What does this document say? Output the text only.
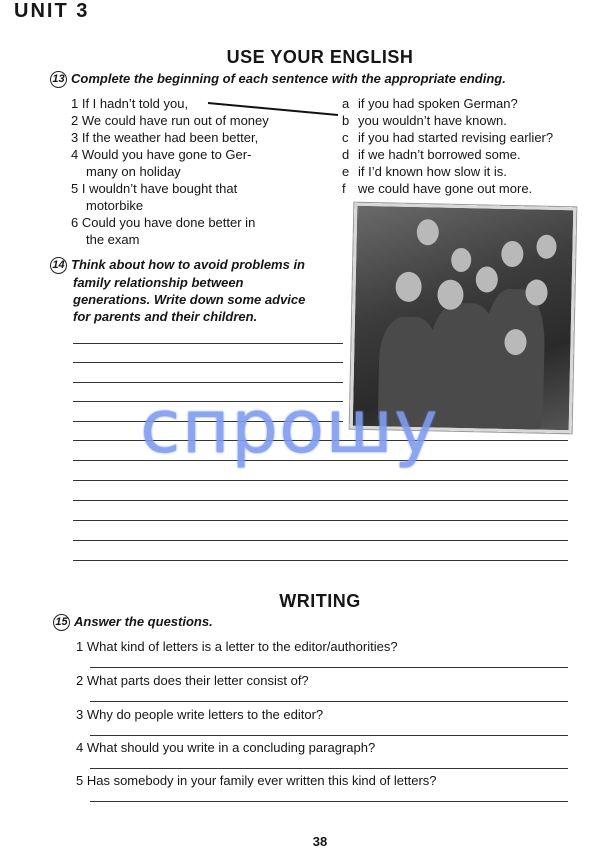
UNIT 3
USE YOUR ENGLISH
13 Complete the beginning of each sentence with the appropriate ending.
1 If I hadn’t told you,
2 We could have run out of money
3 If the weather had been better,
4 Would you have gone to Ger-
many on holiday
5 I wouldn’t have bought that
motorbike
6 Could you have done better in
the exam
a if you had spoken German?
b you wouldn’t have known.
c if you had started revising earlier?
d if we hadn’t borrowed some.
e if I’d known how slow it is.
f we could have gone out more.
14 Think about how to avoid problems in
family relationship between
generations. Write down some advice
for parents and their children.
спрошу
WRITING
15 Answer the questions.
1 What kind of letters is a letter to the editor/authorities?
2 What parts does their letter consist of?
3 Why do people write letters to the editor?
4 What should you write in a concluding paragraph?
5 Has somebody in your family ever written this kind of letters?
38
